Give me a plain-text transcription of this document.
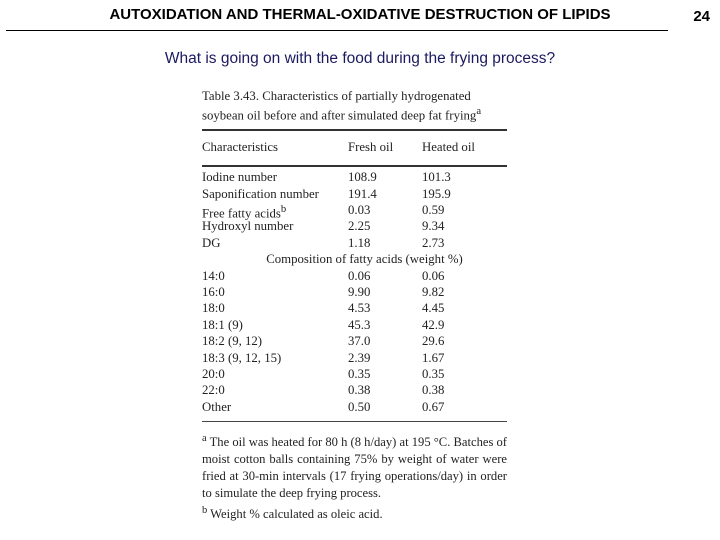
AUTOXIDATION AND THERMAL-OXIDATIVE DESTRUCTION OF LIPIDS	24
What is going on with the food during the frying process?
Table 3.43. Characteristics of partially hydrogenated soybean oil before and after simulated deep fat frying$^a$
Characteristics	Fresh oil	Heated oil
Iodine number	108.9	101.3
Saponification number	191.4	195.9
Free fatty acids$^b$	0.03	0.59
Hydroxyl number	2.25	9.34
DG	1.18	2.73
Composition of fatty acids (weight %)
14:0	0.06	0.06
16:0	9.90	9.82
18:0	4.53	4.45
18:1 (9)	45.3	42.9
18:2 (9, 12)	37.0	29.6
18:3 (9, 12, 15)	2.39	1.67
20:0	0.35	0.35
22:0	0.38	0.38
Other	0.50	0.67
$^a$ The oil was heated for 80 h (8 h/day) at 195 °C. Batches of moist cotton balls containing 75% by weight of water were fried at 30-min intervals (17 frying operations/day) in order to simulate the deep frying process.
$^b$ Weight % calculated as oleic acid.
